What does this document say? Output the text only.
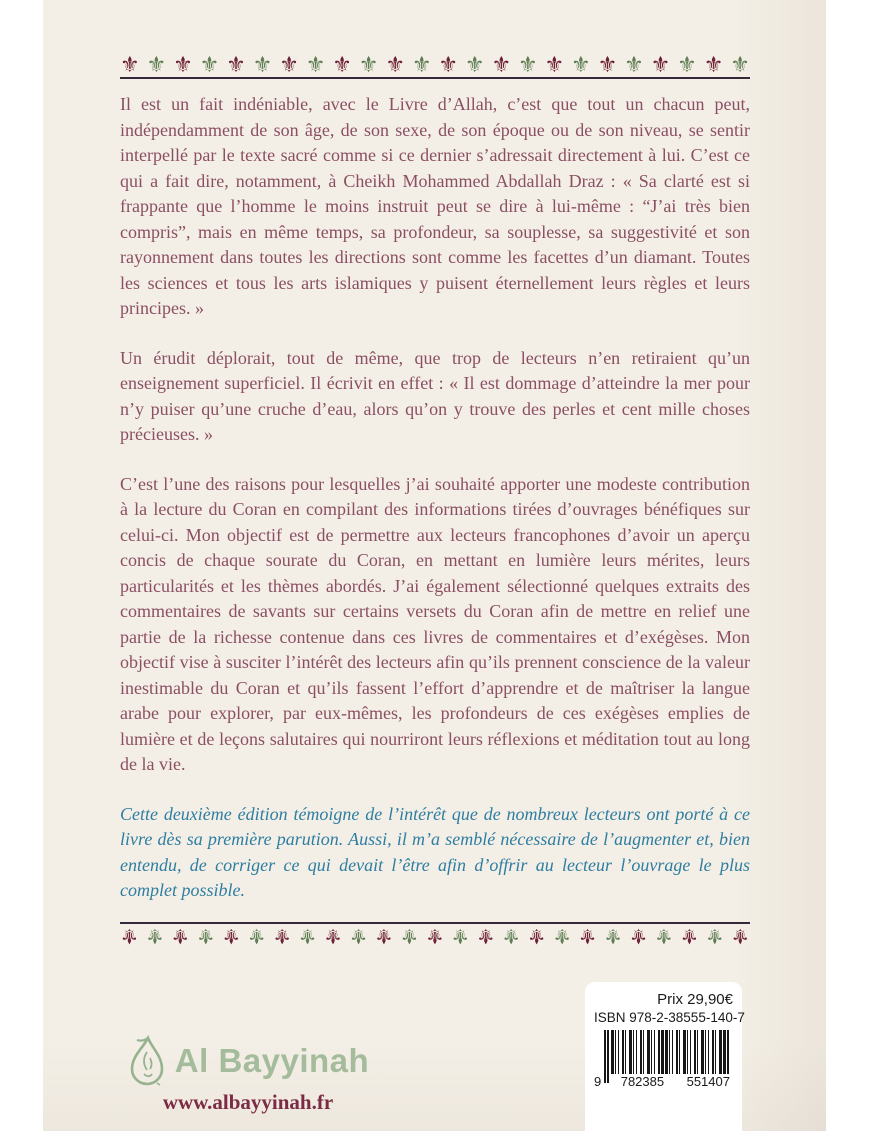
⚜ ⚜ ⚜ ⚜ ⚜ ⚜ ⚜ ⚜ ⚜ ⚜ ⚜ ⚜ ⚜ ⚜ ⚜ ⚜ ⚜ ⚜ ⚜ ⚜ ⚜ ⚜ ⚜ ⚜

Il est un fait indéniable, avec le Livre d’Allah, c’est que tout un chacun peut, indépendamment de son âge, de son sexe, de son époque ou de son niveau, se sentir interpellé par le texte sacré comme si ce dernier s’adressait directement à lui. C’est ce qui a fait dire, notamment, à Cheikh Mohammed Abdallah Draz : « Sa clarté est si frappante que l’homme le moins instruit peut se dire à lui-même : “J’ai très bien compris”, mais en même temps, sa profondeur, sa souplesse, sa suggestivité et son rayonnement dans toutes les directions sont comme les facettes d’un diamant. Toutes les sciences et tous les arts islamiques y puisent éternellement leurs règles et leurs principes. »

Un érudit déplorait, tout de même, que trop de lecteurs n’en retiraient qu’un enseignement superficiel. Il écrivit en effet : « Il est dommage d’atteindre la mer pour n’y puiser qu’une cruche d’eau, alors qu’on y trouve des perles et cent mille choses précieuses. »

C’est l’une des raisons pour lesquelles j’ai souhaité apporter une modeste contribution à la lecture du Coran en compilant des informations tirées d’ouvrages bénéfiques sur celui-ci. Mon objectif est de permettre aux lecteurs francophones d’avoir un aperçu concis de chaque sourate du Coran, en mettant en lumière leurs mérites, leurs particularités et les thèmes abordés. J’ai également sélectionné quelques extraits des commentaires de savants sur certains versets du Coran afin de mettre en relief une partie de la richesse contenue dans ces livres de commentaires et d’exégèses. Mon objectif vise à susciter l’intérêt des lecteurs afin qu’ils prennent conscience de la valeur inestimable du Coran et qu’ils fassent l’effort d’apprendre et de maîtriser la langue arabe pour explorer, par eux-mêmes, les profondeurs de ces exégèses emplies de lumière et de leçons salutaires qui nourriront leurs réflexions et méditation tout au long de la vie.

Cette deuxième édition témoigne de l’intérêt que de nombreux lecteurs ont porté à ce livre dès sa première parution. Aussi, il m’a semblé nécessaire de l’augmenter et, bien entendu, de corriger ce qui devait l’être afin d’offrir au lecteur l’ouvrage le plus complet possible.

⚜ ⚜ ⚜ ⚜ ⚜ ⚜ ⚜ ⚜ ⚜ ⚜ ⚜ ⚜ ⚜ ⚜ ⚜ ⚜ ⚜ ⚜ ⚜ ⚜ ⚜ ⚜ ⚜ ⚜ ⚜
Al Bayyinah
www.albayyinah.fr
Prix 29,90€
ISBN 978-2-38555-140-7
9 782385 551407
